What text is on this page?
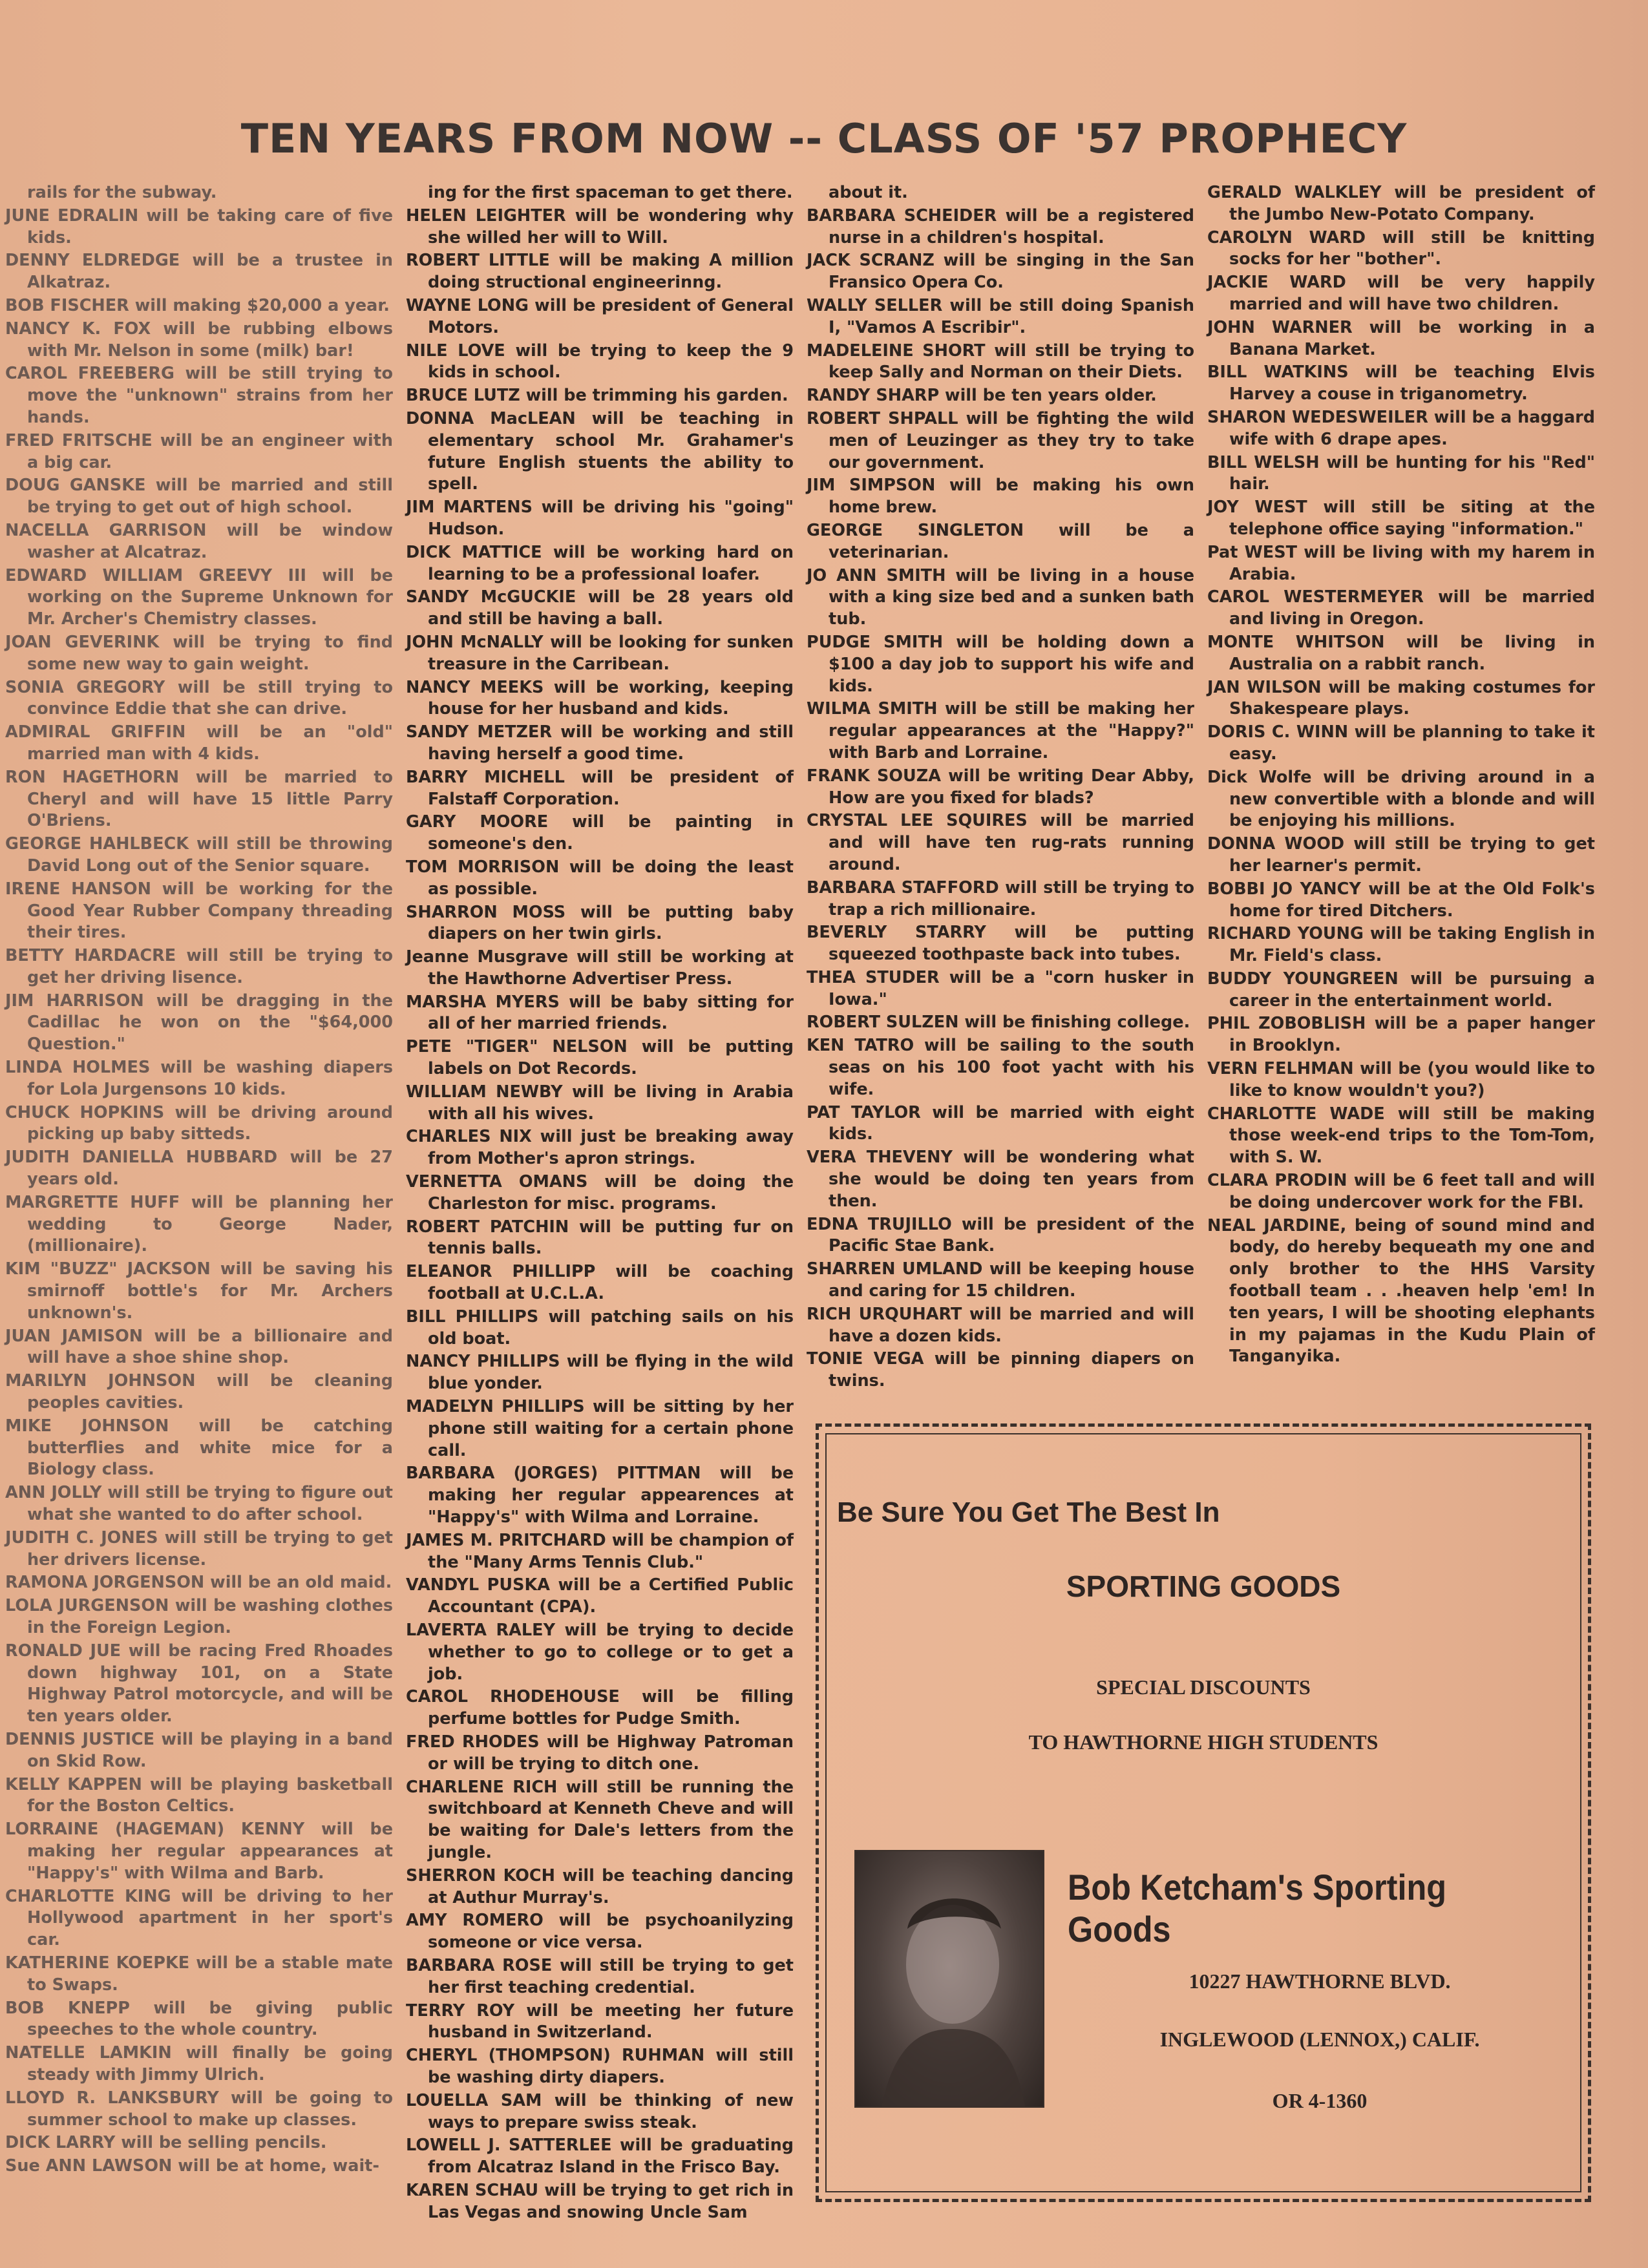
TEN YEARS FROM NOW -- CLASS OF '57 PROPHECY

rails for the subway.

JUNE EDRALIN will be taking care of five kids.

DENNY ELDREDGE will be a trustee in Alkatraz.

BOB FISCHER will making $20,000 a year.

NANCY K. FOX will be rubbing elbows with Mr. Nelson in some (milk) bar!

CAROL FREEBERG will be still trying to move the "unknown" strains from her hands.

FRED FRITSCHE will be an engineer with a big car.

DOUG GANSKE will be married and still be trying to get out of high school.

NACELLA GARRISON will be window washer at Alcatraz.

EDWARD WILLIAM GREEVY III will be working on the Supreme Unknown for Mr. Archer's Chemistry classes.

JOAN GEVERINK will be trying to find some new way to gain weight.

SONIA GREGORY will be still trying to convince Eddie that she can drive.

ADMIRAL GRIFFIN will be an "old" married man with 4 kids.

RON HAGETHORN will be married to Cheryl and will have 15 little Parry O'Briens.

GEORGE HAHLBECK will still be throwing David Long out of the Senior square.

IRENE HANSON will be working for the Good Year Rubber Company threading their tires.

BETTY HARDACRE will still be trying to get her driving lisence.

JIM HARRISON will be dragging in the Cadillac he won on the "$64,000 Question."

LINDA HOLMES will be washing diapers for Lola Jurgensons 10 kids.

CHUCK HOPKINS will be driving around picking up baby sitteds.

JUDITH DANIELLA HUBBARD will be 27 years old.

MARGRETTE HUFF will be planning her wedding to George Nader, (millionaire).

KIM "BUZZ" JACKSON will be saving his smirnoff bottle's for Mr. Archers unknown's.

JUAN JAMISON will be a billionaire and will have a shoe shine shop.

MARILYN JOHNSON will be cleaning peoples cavities.

MIKE JOHNSON will be catching butterflies and white mice for a Biology class.

ANN JOLLY will still be trying to figure out what she wanted to do after school.

JUDITH C. JONES will still be trying to get her drivers license.

RAMONA JORGENSON will be an old maid.

LOLA JURGENSON will be washing clothes in the Foreign Legion.

RONALD JUE will be racing Fred Rhoades down highway 101, on a State Highway Patrol motorcycle, and will be ten years older.

DENNIS JUSTICE will be playing in a band on Skid Row.

KELLY KAPPEN will be playing basketball for the Boston Celtics.

LORRAINE (HAGEMAN) KENNY will be making her regular appearances at "Happy's" with Wilma and Barb.

CHARLOTTE KING will be driving to her Hollywood apartment in her sport's car.

KATHERINE KOEPKE will be a stable mate to Swaps.

BOB KNEPP will be giving public speeches to the whole country.

NATELLE LAMKIN will finally be going steady with Jimmy Ulrich.

LLOYD R. LANKSBURY will be going to summer school to make up classes.

DICK LARRY will be selling pencils.

Sue ANN LAWSON will be at home, wait-

ing for the first spaceman to get there.

HELEN LEIGHTER will be wondering why she willed her will to Will.

ROBERT LITTLE will be making A million doing structional engineerinng.

WAYNE LONG will be president of General Motors.

NILE LOVE will be trying to keep the 9 kids in school.

BRUCE LUTZ will be trimming his garden.

DONNA MacLEAN will be teaching in elementary school Mr. Grahamer's future English stuents the ability to spell.

JIM MARTENS will be driving his "going" Hudson.

DICK MATTICE will be working hard on learning to be a professional loafer.

SANDY McGUCKIE will be 28 years old and still be having a ball.

JOHN McNALLY will be looking for sunken treasure in the Carribean.

NANCY MEEKS will be working, keeping house for her husband and kids.

SANDY METZER will be working and still having herself a good time.

BARRY MICHELL will be president of Falstaff Corporation.

GARY MOORE will be painting in someone's den.

TOM MORRISON will be doing the least as possible.

SHARRON MOSS will be putting baby diapers on her twin girls.

Jeanne Musgrave will still be working at the Hawthorne Advertiser Press.

MARSHA MYERS will be baby sitting for all of her married friends.

PETE "TIGER" NELSON will be putting labels on Dot Records.

WILLIAM NEWBY will be living in Arabia with all his wives.

CHARLES NIX will just be breaking away from Mother's apron strings.

VERNETTA OMANS will be doing the Charleston for misc. programs.

ROBERT PATCHIN will be putting fur on tennis balls.

ELEANOR PHILLIPP will be coaching football at U.C.L.A.

BILL PHILLIPS will patching sails on his old boat.

NANCY PHILLIPS will be flying in the wild blue yonder.

MADELYN PHILLIPS will be sitting by her phone still waiting for a certain phone call.

BARBARA (JORGES) PITTMAN will be making her regular appearences at "Happy's" with Wilma and Lorraine.

JAMES M. PRITCHARD will be champion of the "Many Arms Tennis Club."

VANDYL PUSKA will be a Certified Public Accountant (CPA).

LAVERTA RALEY will be trying to decide whether to go to college or to get a job.

CAROL RHODEHOUSE will be filling perfume bottles for Pudge Smith.

FRED RHODES will be Highway Patroman or will be trying to ditch one.

CHARLENE RICH will still be running the switchboard at Kenneth Cheve and will be waiting for Dale's letters from the jungle.

SHERRON KOCH will be teaching dancing at Authur Murray's.

AMY ROMERO will be psychoanilyzing someone or vice versa.

BARBARA ROSE will still be trying to get her first teaching credential.

TERRY ROY will be meeting her future husband in Switzerland.

CHERYL (THOMPSON) RUHMAN will still be washing dirty diapers.

LOUELLA SAM will be thinking of new ways to prepare swiss steak.

LOWELL J. SATTERLEE will be graduating from Alcatraz Island in the Frisco Bay.

KAREN SCHAU will be trying to get rich in Las Vegas and snowing Uncle Sam

about it.

BARBARA SCHEIDER will be a registered nurse in a children's hospital.

JACK SCRANZ will be singing in the San Fransico Opera Co.

WALLY SELLER will be still doing Spanish I, "Vamos A Escribir".

MADELEINE SHORT will still be trying to keep Sally and Norman on their Diets.

RANDY SHARP will be ten years older.

ROBERT SHPALL will be fighting the wild men of Leuzinger as they try to take our government.

JIM SIMPSON will be making his own home brew.

GEORGE SINGLETON will be a veterinarian.

JO ANN SMITH will be living in a house with a king size bed and a sunken bath tub.

PUDGE SMITH will be holding down a $100 a day job to support his wife and kids.

WILMA SMITH will be still be making her regular appearances at the "Happy?" with Barb and Lorraine.

FRANK SOUZA will be writing Dear Abby, How are you fixed for blads?

CRYSTAL LEE SQUIRES will be married and will have ten rug-rats running around.

BARBARA STAFFORD will still be trying to trap a rich millionaire.

BEVERLY STARRY will be putting squeezed toothpaste back into tubes.

THEA STUDER will be a "corn husker in Iowa."

ROBERT SULZEN will be finishing college.

KEN TATRO will be sailing to the south seas on his 100 foot yacht with his wife.

PAT TAYLOR will be married with eight kids.

VERA THEVENY will be wondering what she would be doing ten years from then.

EDNA TRUJILLO will be president of the Pacific Stae Bank.

SHARREN UMLAND will be keeping house and caring for 15 children.

RICH URQUHART will be married and will have a dozen kids.

TONIE VEGA will be pinning diapers on twins.

GERALD WALKLEY will be president of the Jumbo New-Potato Company.

CAROLYN WARD will still be knitting socks for her "bother".

JACKIE WARD will be very happily married and will have two children.

JOHN WARNER will be working in a Banana Market.

BILL WATKINS will be teaching Elvis Harvey a couse in triganometry.

SHARON WEDESWEILER will be a haggard wife with 6 drape apes.

BILL WELSH will be hunting for his "Red" hair.

JOY WEST will still be siting at the telephone office saying "information."

Pat WEST will be living with my harem in Arabia.

CAROL WESTERMEYER will be married and living in Oregon.

MONTE WHITSON will be living in Australia on a rabbit ranch.

JAN WILSON will be making costumes for Shakespeare plays.

DORIS C. WINN will be planning to take it easy.

Dick Wolfe will be driving around in a new convertible with a blonde and will be enjoying his millions.

DONNA WOOD will still be trying to get her learner's permit.

BOBBI JO YANCY will be at the Old Folk's home for tired Ditchers.

RICHARD YOUNG will be taking English in Mr. Field's class.

BUDDY YOUNGREEN will be pursuing a career in the entertainment world.

PHIL ZOBOBLISH will be a paper hanger in Brooklyn.

VERN FELHMAN will be (you would like to like to know wouldn't you?)

CHARLOTTE WADE will still be making those week-end trips to the Tom-Tom, with S. W.

CLARA PRODIN will be 6 feet tall and will be doing undercover work for the FBI.

NEAL JARDINE, being of sound mind and body, do hereby bequeath my one and only brother to the HHS Varsity football team . . .heaven help 'em! In ten years, I will be shooting elephants in my pajamas in the Kudu Plain of Tanganyika.

Be Sure You Get The Best In
SPORTING GOODS
SPECIAL DISCOUNTS
TO HAWTHORNE HIGH STUDENTS
Bob Ketcham's Sporting Goods
10227 HAWTHORNE BLVD.
INGLEWOOD (LENNOX,) CALIF.
OR 4-1360
